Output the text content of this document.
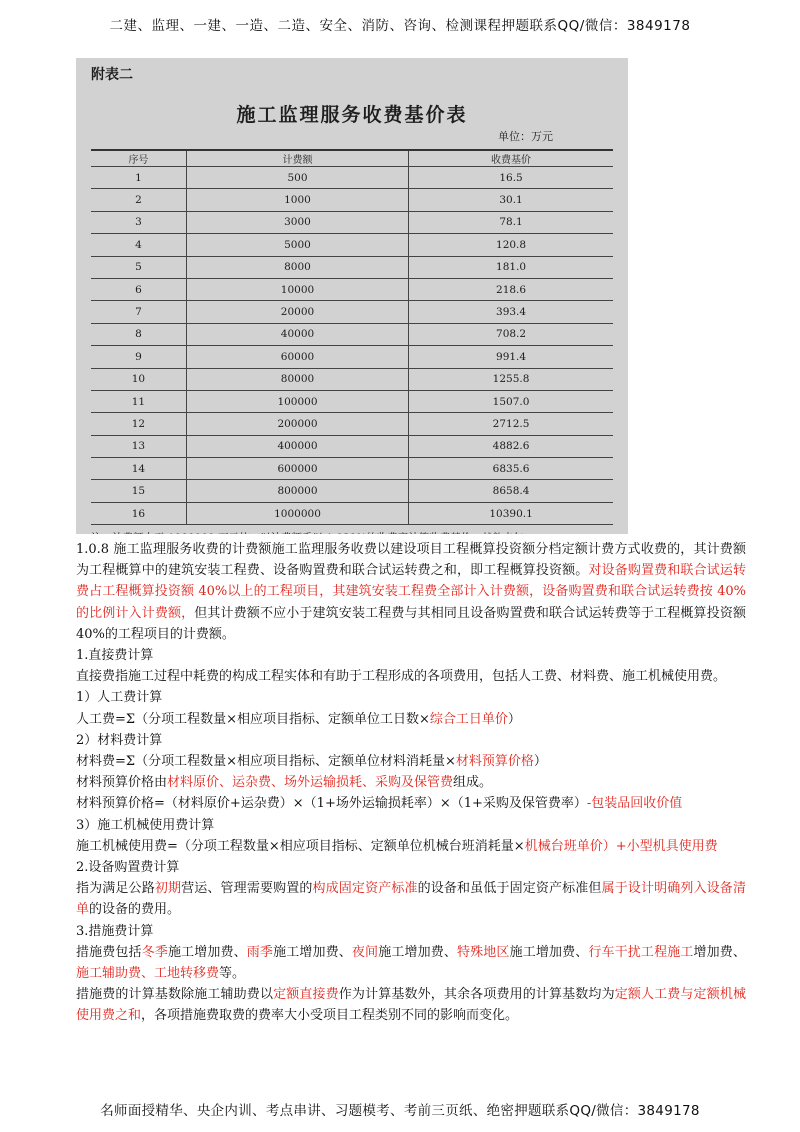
二建、监理、一建、一造、二造、安全、消防、咨询、检测课程押题联系QQ/微信：3849178
附表二
施工监理服务收费基价表
单位：万元
序号	计费额	收费基价
1	500	16.5
2	1000	30.1
3	3000	78.1
4	5000	120.8
5	8000	181.0
6	10000	218.6
7	20000	393.4
8	40000	708.2
9	60000	991.4
10	80000	1255.8
11	100000	1507.0
12	200000	2712.5
13	400000	4882.6
14	600000	6835.6
15	800000	8658.4
16	1000000	10390.1

1.0.8 施工监理服务收费的计费额施工监理服务收费以建设项目工程概算投资额分档定额计费方式收费的，其计费额为工程概算中的建筑安装工程费、设备购置费和联合试运转费之和，即工程概算投资额。对设备购置费和联合试运转费占工程概算投资额 40%以上的工程项目，其建筑安装工程费全部计入计费额，设备购置费和联合试运转费按 40%的比例计入计费额，但其计费额不应小于建筑安装工程费与其相同且设备购置费和联合试运转费等于工程概算投资额 40%的工程项目的计费额。

1.直接费计算

直接费指施工过程中耗费的构成工程实体和有助于工程形成的各项费用，包括人工费、材料费、施工机械使用费。

1）人工费计算

人工费=Σ（分项工程数量×相应项目指标、定额单位工日数×综合工日单价）

2）材料费计算

材料费=Σ（分项工程数量×相应项目指标、定额单位材料消耗量×材料预算价格）

材料预算价格由材料原价、运杂费、场外运输损耗、采购及保管费组成。

材料预算价格=（材料原价+运杂费）×（1+场外运输损耗率）×（1+采购及保管费率）-包装品回收价值

3）施工机械使用费计算

施工机械使用费=（分项工程数量×相应项目指标、定额单位机械台班消耗量×机械台班单价）+小型机具使用费

2.设备购置费计算

指为满足公路初期营运、管理需要购置的构成固定资产标准的设备和虽低于固定资产标准但属于设计明确列入设备清单的设备的费用。

3.措施费计算

措施费包括冬季施工增加费、雨季施工增加费、夜间施工增加费、特殊地区施工增加费、行车干扰工程施工增加费、施工辅助费、工地转移费等。

措施费的计算基数除施工辅助费以定额直接费作为计算基数外，其余各项费用的计算基数均为定额人工费与定额机械使用费之和，各项措施费取费的费率大小受项目工程类别不同的影响而变化。

名师面授精华、央企内训、考点串讲、习题模考、考前三页纸、绝密押题联系QQ/微信：3849178
